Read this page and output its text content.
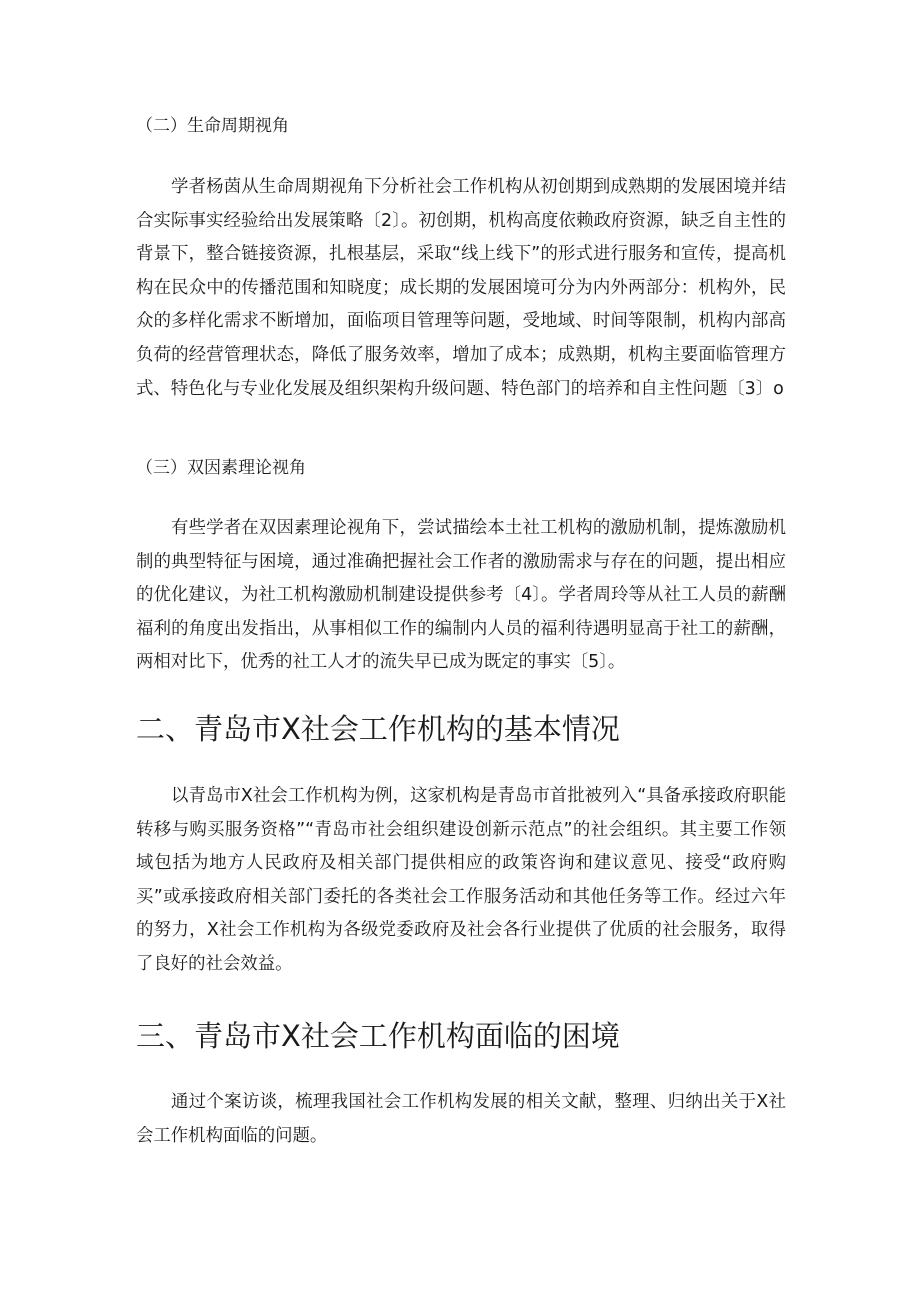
（二）生命周期视角

学者杨茵从生命周期视角下分析社会工作机构从初创期到成熟期的发展困境并结合实际事实经验给出发展策略〔2〕。初创期，机构高度依赖政府资源，缺乏自主性的背景下，整合链接资源，扎根基层，采取“线上线下”的形式进行服务和宣传，提高机构在民众中的传播范围和知晓度；成长期的发展困境可分为内外两部分：机构外，民众的多样化需求不断增加，面临项目管理等问题，受地域、时间等限制，机构内部高负荷的经营管理状态，降低了服务效率，增加了成本；成熟期，机构主要面临管理方式、特色化与专业化发展及组织架构升级问题、特色部门的培养和自主性问题〔3〕o

（三）双因素理论视角

有些学者在双因素理论视角下，尝试描绘本土社工机构的激励机制，提炼激励机制的典型特征与困境，通过准确把握社会工作者的激励需求与存在的问题，提出相应的优化建议，为社工机构激励机制建设提供参考〔4〕。学者周玲等从社工人员的薪酬福利的角度出发指出，从事相似工作的编制内人员的福利待遇明显高于社工的薪酬，两相对比下，优秀的社工人才的流失早已成为既定的事实〔5〕。

二、青岛市X社会工作机构的基本情况

以青岛市X社会工作机构为例，这家机构是青岛市首批被列入“具备承接政府职能转移与购买服务资格”“青岛市社会组织建设创新示范点”的社会组织。其主要工作领域包括为地方人民政府及相关部门提供相应的政策咨询和建议意见、接受“政府购买”或承接政府相关部门委托的各类社会工作服务活动和其他任务等工作。经过六年的努力，X社会工作机构为各级党委政府及社会各行业提供了优质的社会服务，取得了良好的社会效益。

三、青岛市X社会工作机构面临的困境

通过个案访谈，梳理我国社会工作机构发展的相关文献，整理、归纳出关于X社会工作机构面临的问题。
